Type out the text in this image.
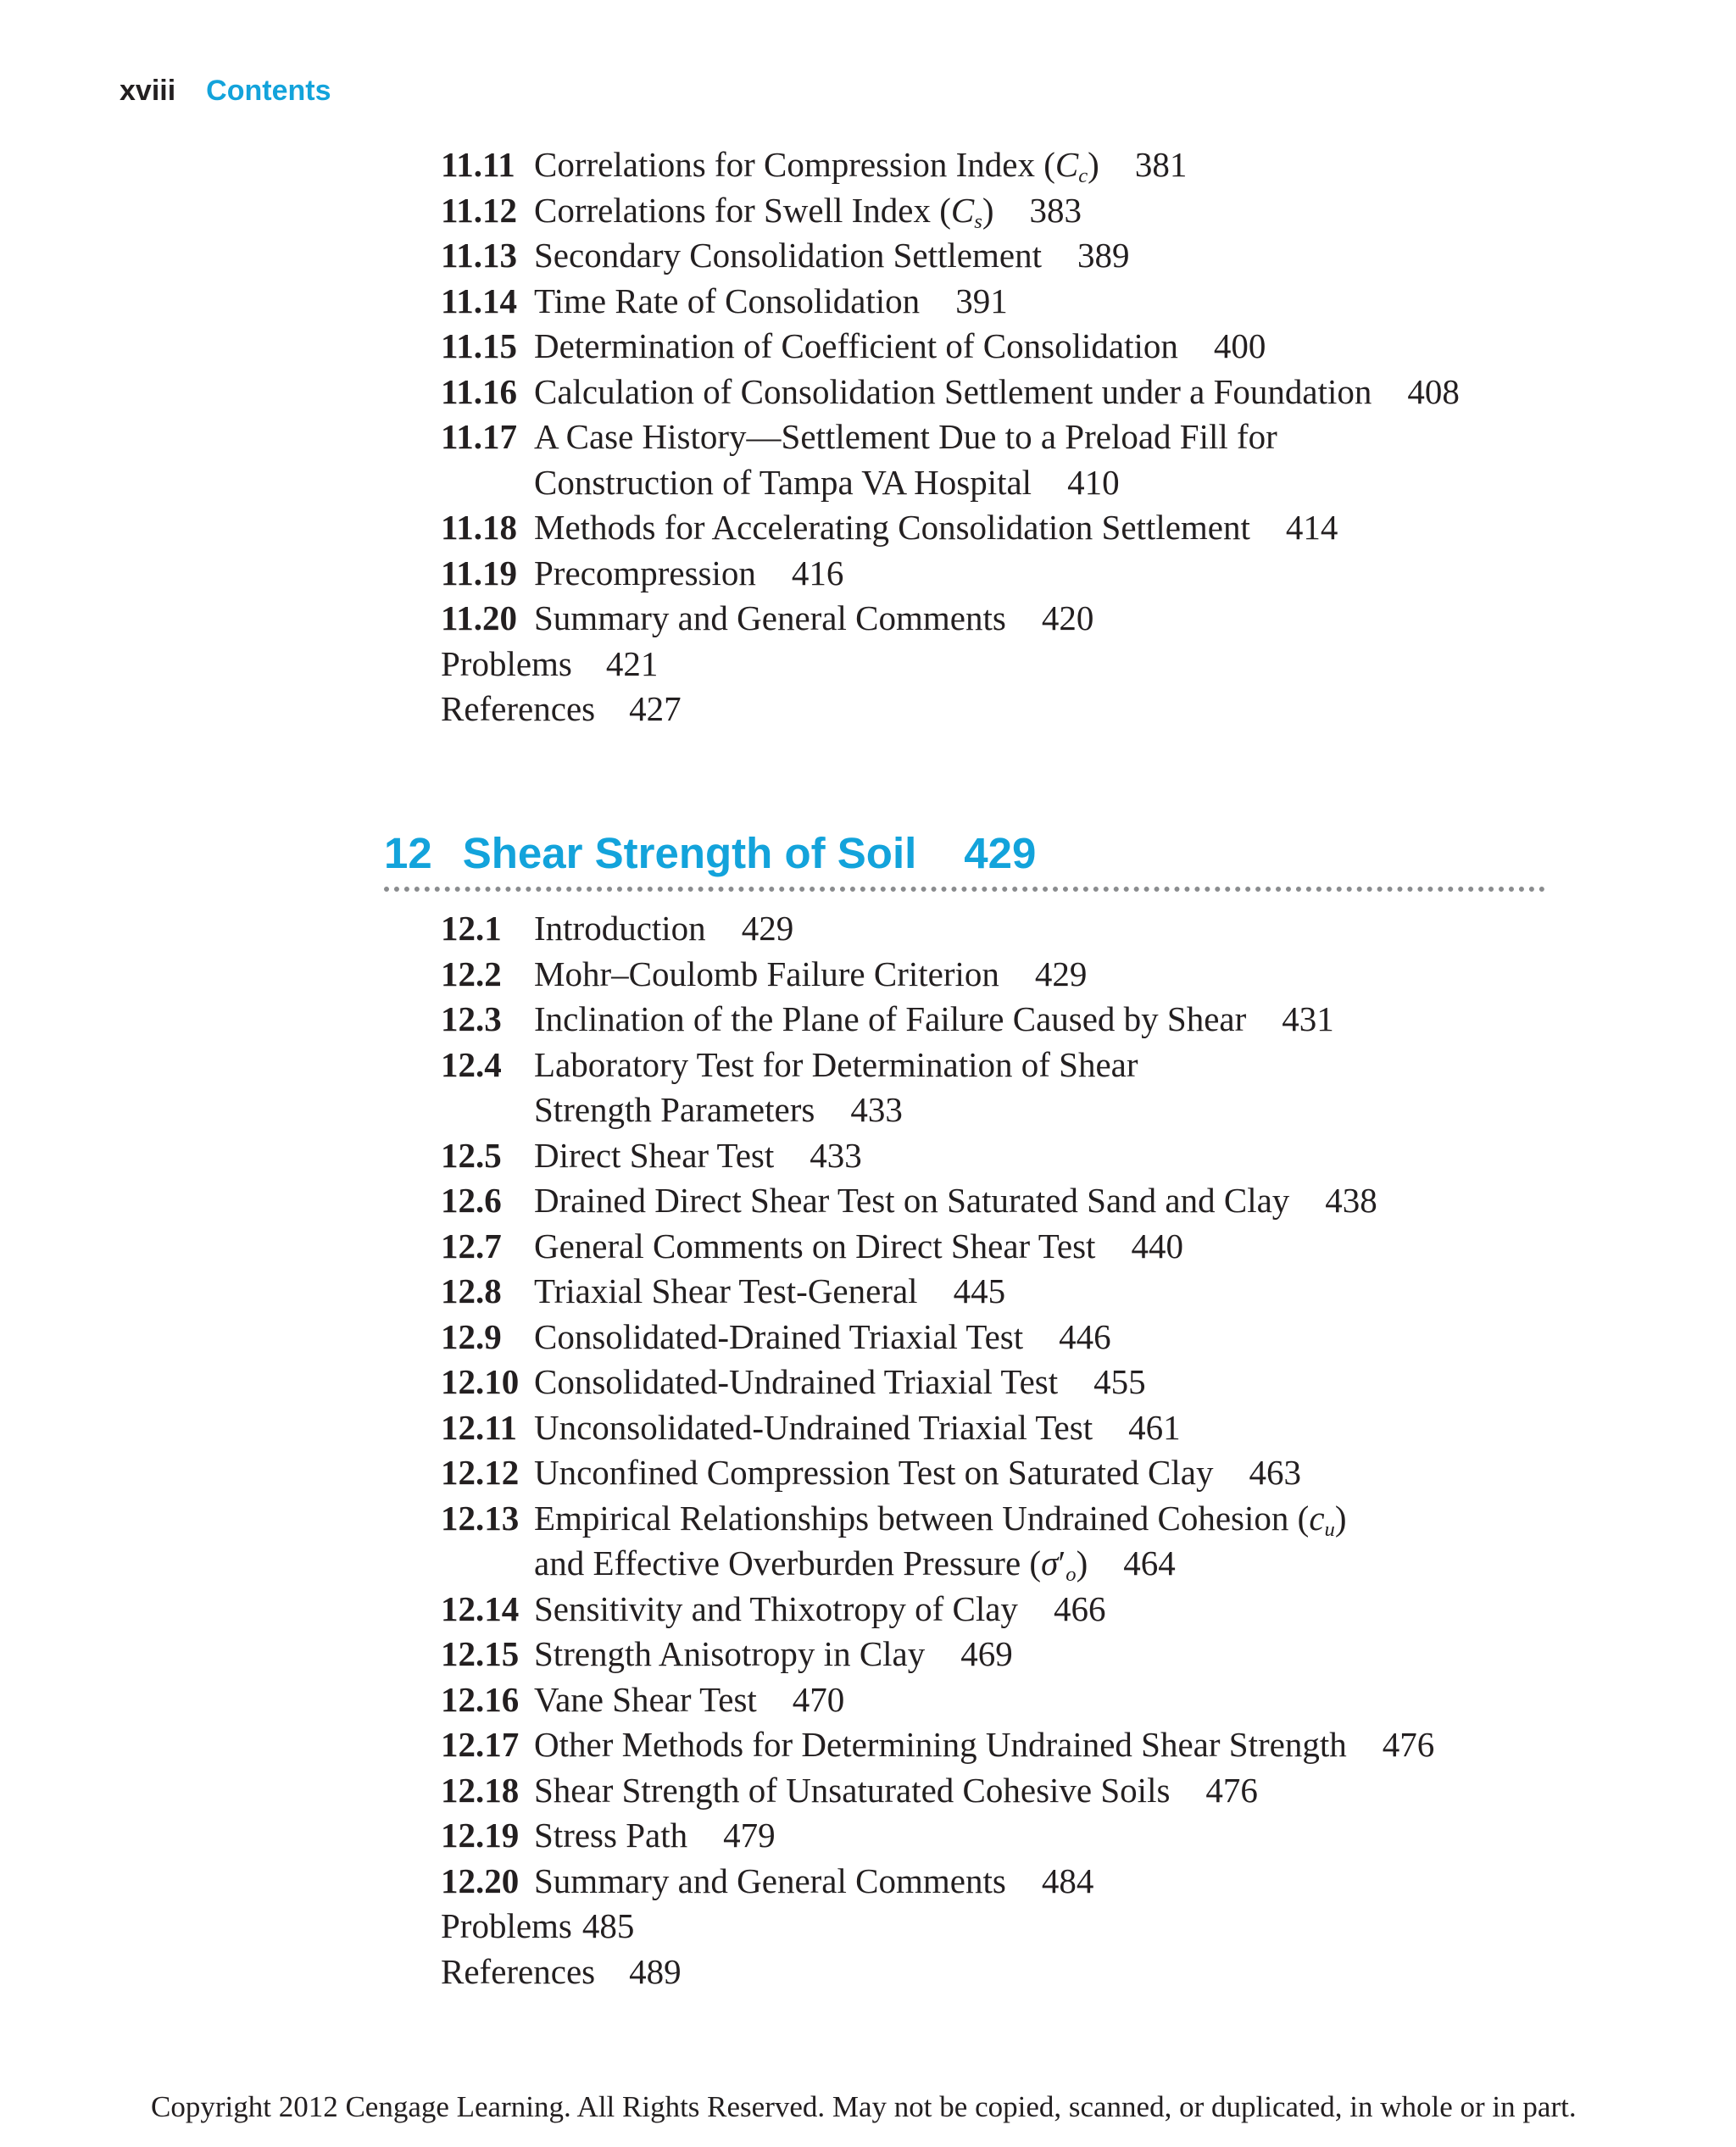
xviii Contents
11.11 Correlations for Compression Index $(C_c)$ 381
11.12 Correlations for Swell Index $(C_s)$ 383
11.13 Secondary Consolidation Settlement 389
11.14 Time Rate of Consolidation 391
11.15 Determination of Coefficient of Consolidation 400
11.16 Calculation of Consolidation Settlement under a Foundation 408
11.17 A Case History—Settlement Due to a Preload Fill for
Construction of Tampa VA Hospital 410
11.18 Methods for Accelerating Consolidation Settlement 414
11.19 Precompression 416
11.20 Summary and General Comments 420
Problems 421
References 427
12 Shear Strength of Soil 429
12.1 Introduction 429
12.2 Mohr–Coulomb Failure Criterion 429
12.3 Inclination of the Plane of Failure Caused by Shear 431
12.4 Laboratory Test for Determination of Shear
Strength Parameters 433
12.5 Direct Shear Test 433
12.6 Drained Direct Shear Test on Saturated Sand and Clay 438
12.7 General Comments on Direct Shear Test 440
12.8 Triaxial Shear Test-General 445
12.9 Consolidated-Drained Triaxial Test 446
12.10 Consolidated-Undrained Triaxial Test 455
12.11 Unconsolidated-Undrained Triaxial Test 461
12.12 Unconfined Compression Test on Saturated Clay 463
12.13 Empirical Relationships between Undrained Cohesion $(c_u)$
and Effective Overburden Pressure $(\sigma'_o)$ 464
12.14 Sensitivity and Thixotropy of Clay 466
12.15 Strength Anisotropy in Clay 469
12.16 Vane Shear Test 470
12.17 Other Methods for Determining Undrained Shear Strength 476
12.18 Shear Strength of Unsaturated Cohesive Soils 476
12.19 Stress Path 479
12.20 Summary and General Comments 484
Problems 485
References 489
Copyright 2012 Cengage Learning. All Rights Reserved. May not be copied, scanned, or duplicated, in whole or in part.
